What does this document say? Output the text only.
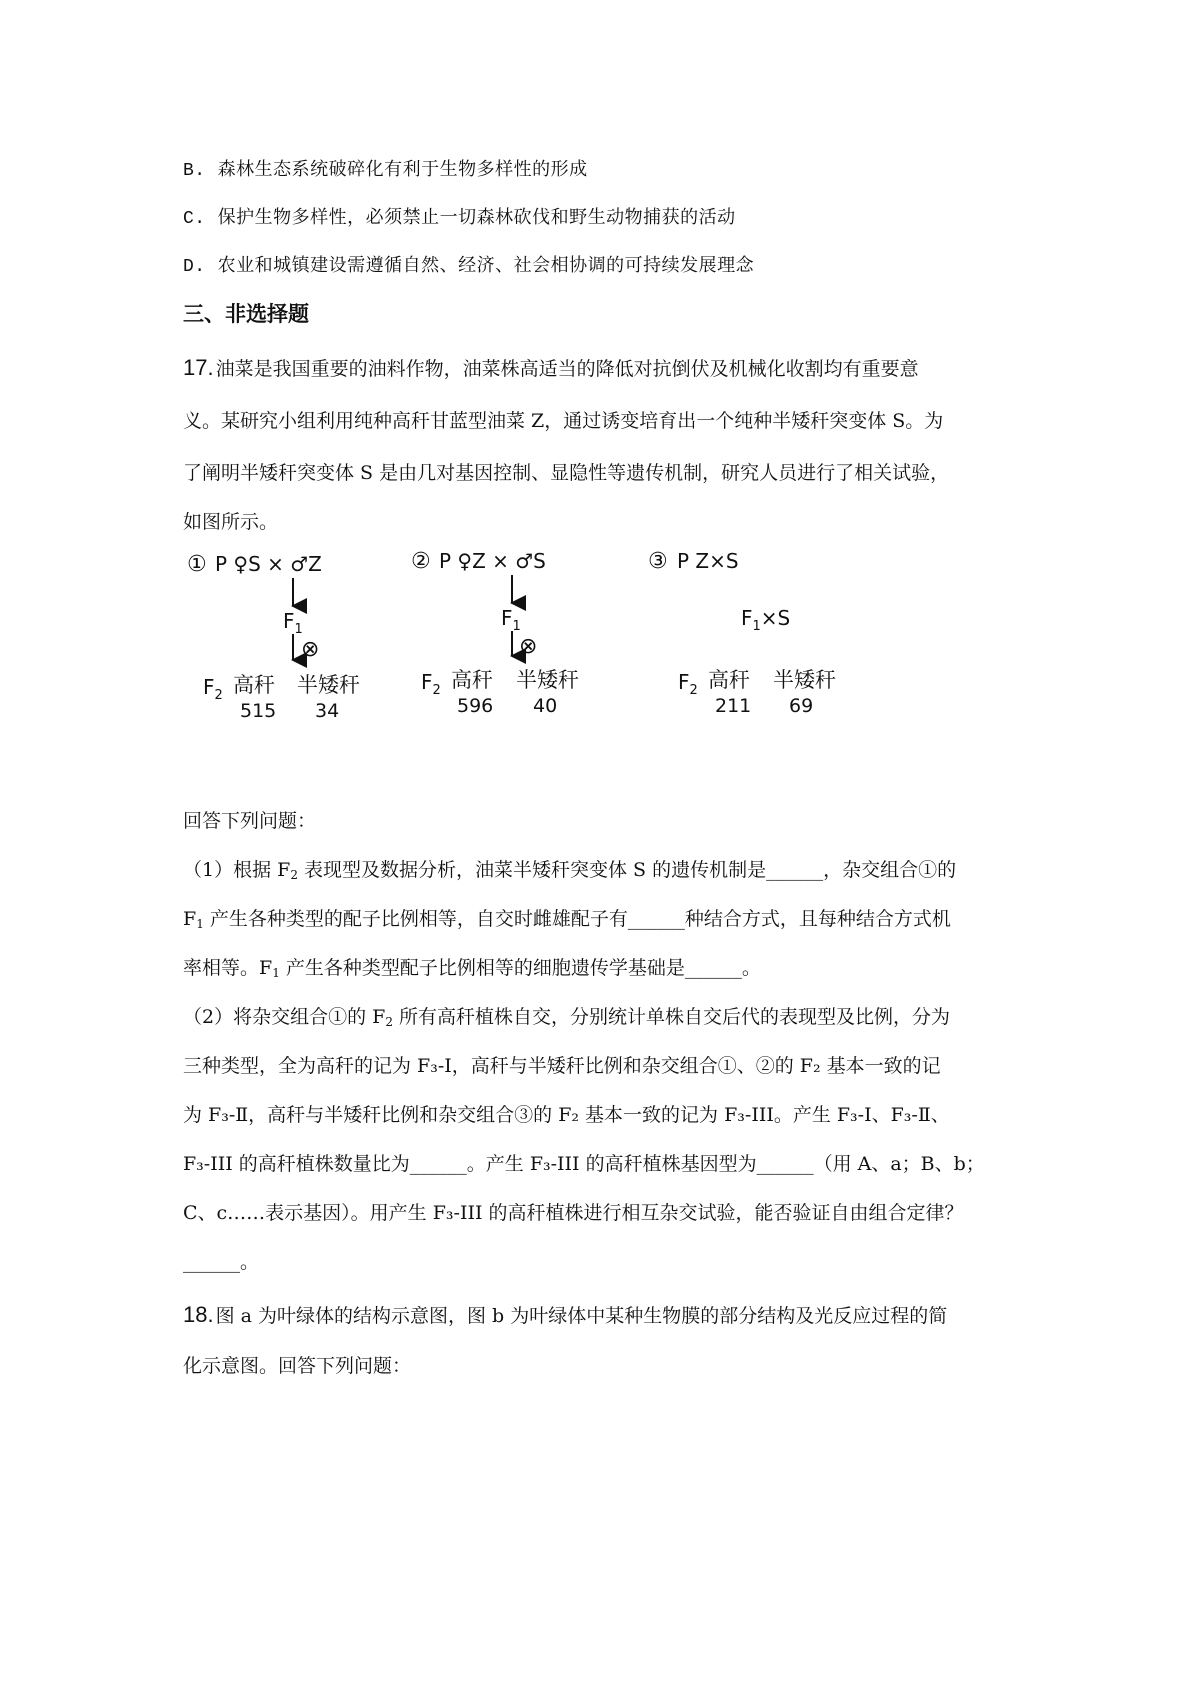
B. 森林生态系统破碎化有利于生物多样性的形成
C. 保护生物多样性，必须禁止一切森林砍伐和野生动物捕获的活动
D. 农业和城镇建设需遵循自然、经济、社会相协调的可持续发展理念
三、非选择题
17. 油菜是我国重要的油料作物，油菜株高适当的降低对抗倒伏及机械化收割均有重要意
义。某研究小组利用纯种高秆甘蓝型油菜 Z，通过诱变培育出一个纯种半矮秆突变体 S。为
了阐明半矮秆突变体 S 是由几对基因控制、显隐性等遗传机制，研究人员进行了相关试验，
如图所示。
① P ♀S × ♂Z
$F_1$
⊗
$F_2$ 高秆 半矮秆
515 34
② P ♀Z × ♂S
$F_1$
⊗
$F_2$ 高秆 半矮秆
596 40
③ P Z×S
$F_1\times S$
$F_2$ 高秆 半矮秆
211 69
回答下列问题：
（1）根据 $F_2$ 表现型及数据分析，油菜半矮秆突变体 S 的遗传机制是______，杂交组合①的
$F_1$ 产生各种类型的配子比例相等，自交时雌雄配子有______种结合方式，且每种结合方式机
率相等。$F_1$ 产生各种类型配子比例相等的细胞遗传学基础是______。
（2）将杂交组合①的 $F_2$ 所有高秆植株自交，分别统计单株自交后代的表现型及比例，分为
三种类型，全为高秆的记为 F₃-Ⅰ，高秆与半矮秆比例和杂交组合①、②的 F₂ 基本一致的记
为 F₃-Ⅱ，高秆与半矮秆比例和杂交组合③的 F₂ 基本一致的记为 F₃-III。产生 F₃-Ⅰ、F₃-Ⅱ、
F₃-III 的高秆植株数量比为______。产生 F₃-III 的高秆植株基因型为______（用 A、a；B、b；
C、c……表示基因）。用产生 F₃-III 的高秆植株进行相互杂交试验，能否验证自由组合定律？
______。
18. 图 a 为叶绿体的结构示意图，图 b 为叶绿体中某种生物膜的部分结构及光反应过程的简
化示意图。回答下列问题：
